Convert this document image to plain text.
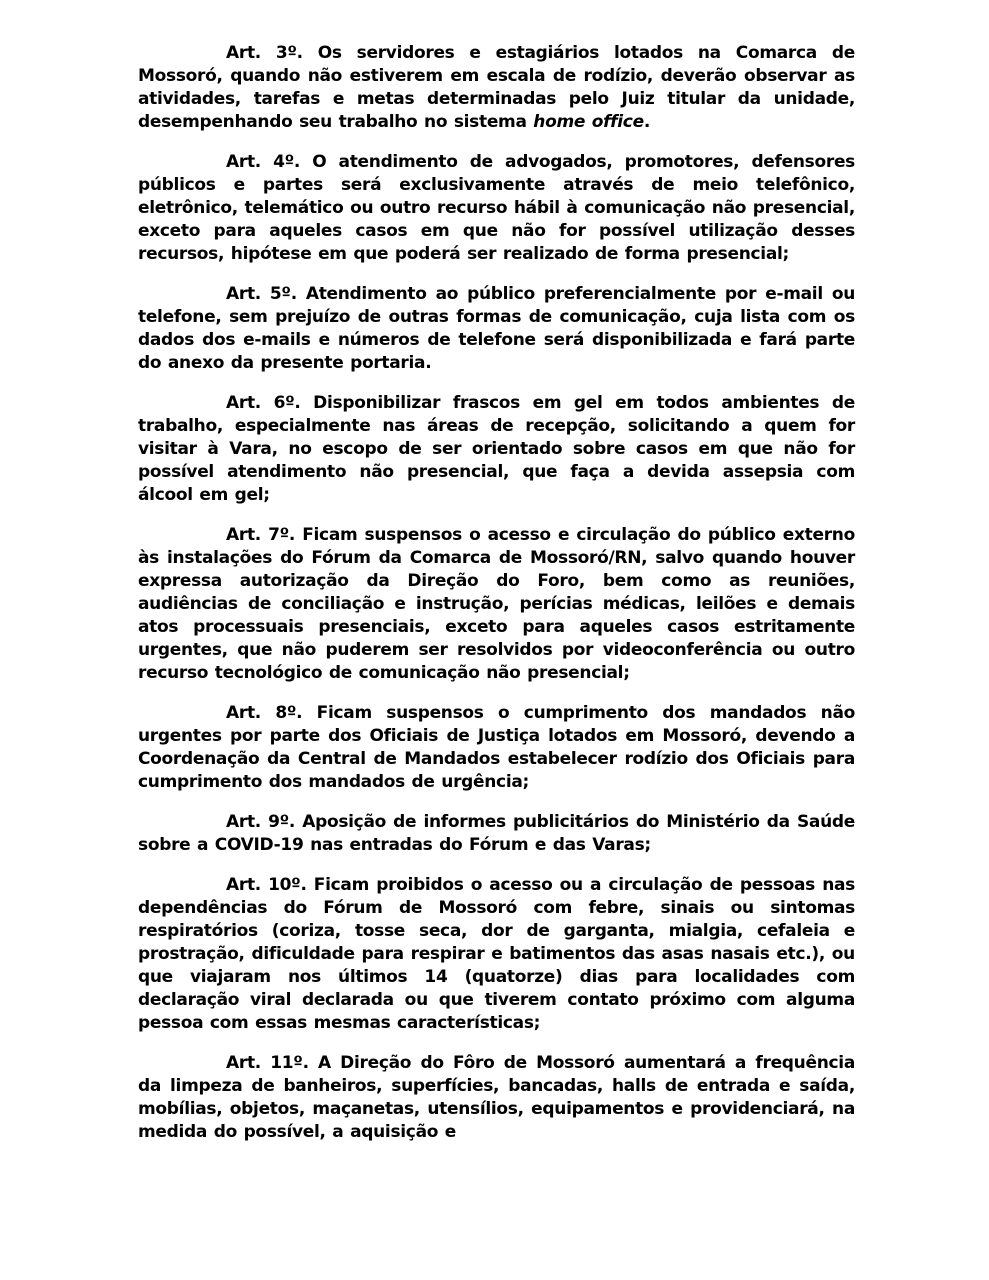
Art. 3º. Os servidores e estagiários lotados na Comarca de Mossoró, quando não estiverem em escala de rodízio, deverão observar as atividades, tarefas e metas determinadas pelo Juiz titular da unidade, desempenhando seu trabalho no sistema home office.

Art. 4º. O atendimento de advogados, promotores, defensores públicos e partes será exclusivamente através de meio telefônico, eletrônico, telemático ou outro recurso hábil à comunicação não presencial, exceto para aqueles casos em que não for possível utilização desses recursos, hipótese em que poderá ser realizado de forma presencial;

Art. 5º. Atendimento ao público preferencialmente por e-mail ou telefone, sem prejuízo de outras formas de comunicação, cuja lista com os dados dos e-mails e números de telefone será disponibilizada e fará parte do anexo da presente portaria.

Art. 6º. Disponibilizar frascos em gel em todos ambientes de trabalho, especialmente nas áreas de recepção, solicitando a quem for visitar à Vara, no escopo de ser orientado sobre casos em que não for possível atendimento não presencial, que faça a devida assepsia com álcool em gel;

Art. 7º. Ficam suspensos o acesso e circulação do público externo às instalações do Fórum da Comarca de Mossoró/RN, salvo quando houver expressa autorização da Direção do Foro, bem como as reuniões, audiências de conciliação e instrução, perícias médicas, leilões e demais atos processuais presenciais, exceto para aqueles casos estritamente urgentes, que não puderem ser resolvidos por videoconferência ou outro recurso tecnológico de comunicação não presencial;

Art. 8º. Ficam suspensos o cumprimento dos mandados não urgentes por parte dos Oficiais de Justiça lotados em Mossoró, devendo a Coordenação da Central de Mandados estabelecer rodízio dos Oficiais para cumprimento dos mandados de urgência;

Art. 9º. Aposição de informes publicitários do Ministério da Saúde sobre a COVID-19 nas entradas do Fórum e das Varas;

Art. 10º. Ficam proibidos o acesso ou a circulação de pessoas nas dependências do Fórum de Mossoró com febre, sinais ou sintomas respiratórios (coriza, tosse seca, dor de garganta, mialgia, cefaleia e prostração, dificuldade para respirar e batimentos das asas nasais etc.), ou que viajaram nos últimos 14 (quatorze) dias para localidades com declaração viral declarada ou que tiverem contato próximo com alguma pessoa com essas mesmas características;

Art. 11º. A Direção do Fôro de Mossoró aumentará a frequência da limpeza de banheiros, superfícies, bancadas, halls de entrada e saída, mobílias, objetos, maçanetas, utensílios, equipamentos e providenciará, na medida do possível, a aquisição e
